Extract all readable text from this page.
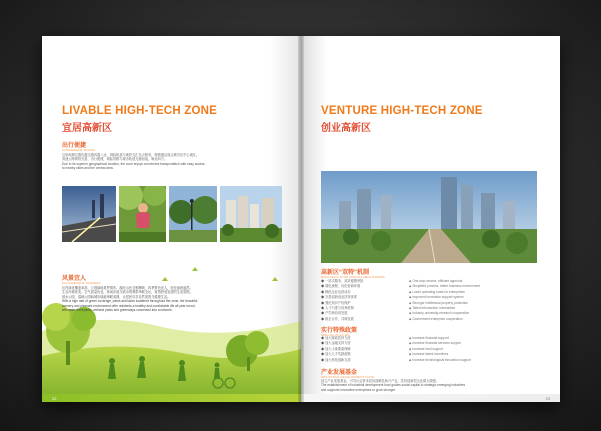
LIVABLE HIGH-TECH ZONE
宜居高新区
出行便捷
CONVENIENT TRAVEL
这里地理位置优越交通四通八达，城际轨道与地铁交汇站点相邻，便捷通达周边城市及中心城区。
高速公路网络完善，出行便捷，城际铁路与城市轨道无缝衔接，畅达四方。
Due to its superior geographical location, the zone enjoys convenient transportation with easy access
to nearby cities and the central area.
风景宜人
PICTURESQUE SCENERY
区内绿化覆盖率高，公园绿地星罗棋布，湖光山色交相辉映，四季景色宜人，处处绿意盎然。
生态环境优美，空气质量优良，休闲步道与滨水景观带串联全区，营造舒适宜居的生活氛围。
滨水公园、湿地公园和城市绿道串联成网，让居民尽享自然美景与健康生活。
With a high rate of green coverage, parks and lakes scattered throughout the zone, the beautiful
scenery and pleasant environment offer residents a healthy and comfortable life all year round,
with waterfront parks, wetland parks and greenways connected into a network.
22
VENTURE HIGH-TECH ZONE
创业高新区
高新区“双特”机制
HIGH-TECH ZONE SPECIAL MECHANISMS
◆ 一站式服务，高效便捷审批	◆ One-stop service, efficient approval
◆ 简化流程，优化营商环境	◆ Simplified process, better business environment
◆ 降低企业运营成本	◆ Lower operating costs for enterprises
◆ 完善创新创业扶持体系	◆ Improved innovation support system
◆ 强化知识产权保护	◆ Stronger intellectual property protection
◆ 人才引进与培养机制	◆ Talent introduction mechanism
◆ 产学研协同发展	◆ Industry-university-research cooperation
◆ 政企合作，共谋发展	◆ Government-enterprise cooperation
实行特殊政策
SPECIAL POLICIES
◆ 加大财政扶持力度	◆ Increase financial support
◆ 加大金融支持力度	◆ Increase financial services support
◆ 加大土地要素保障	◆ Increase land support
◆ 加大人才奖励政策	◆ Increase talent incentives
◆ 加大科技创新支持	◆ Increase technological innovation support
产业发展基金
INDUSTRIAL DEVELOPMENT FUND
设立产业发展基金，引导社会资本投向战略性新兴产业，扶持创新型企业做大做强。
The establishment of industrial development fund guides social capital to strategic emerging industries
and supports innovative enterprises to grow stronger.
23
